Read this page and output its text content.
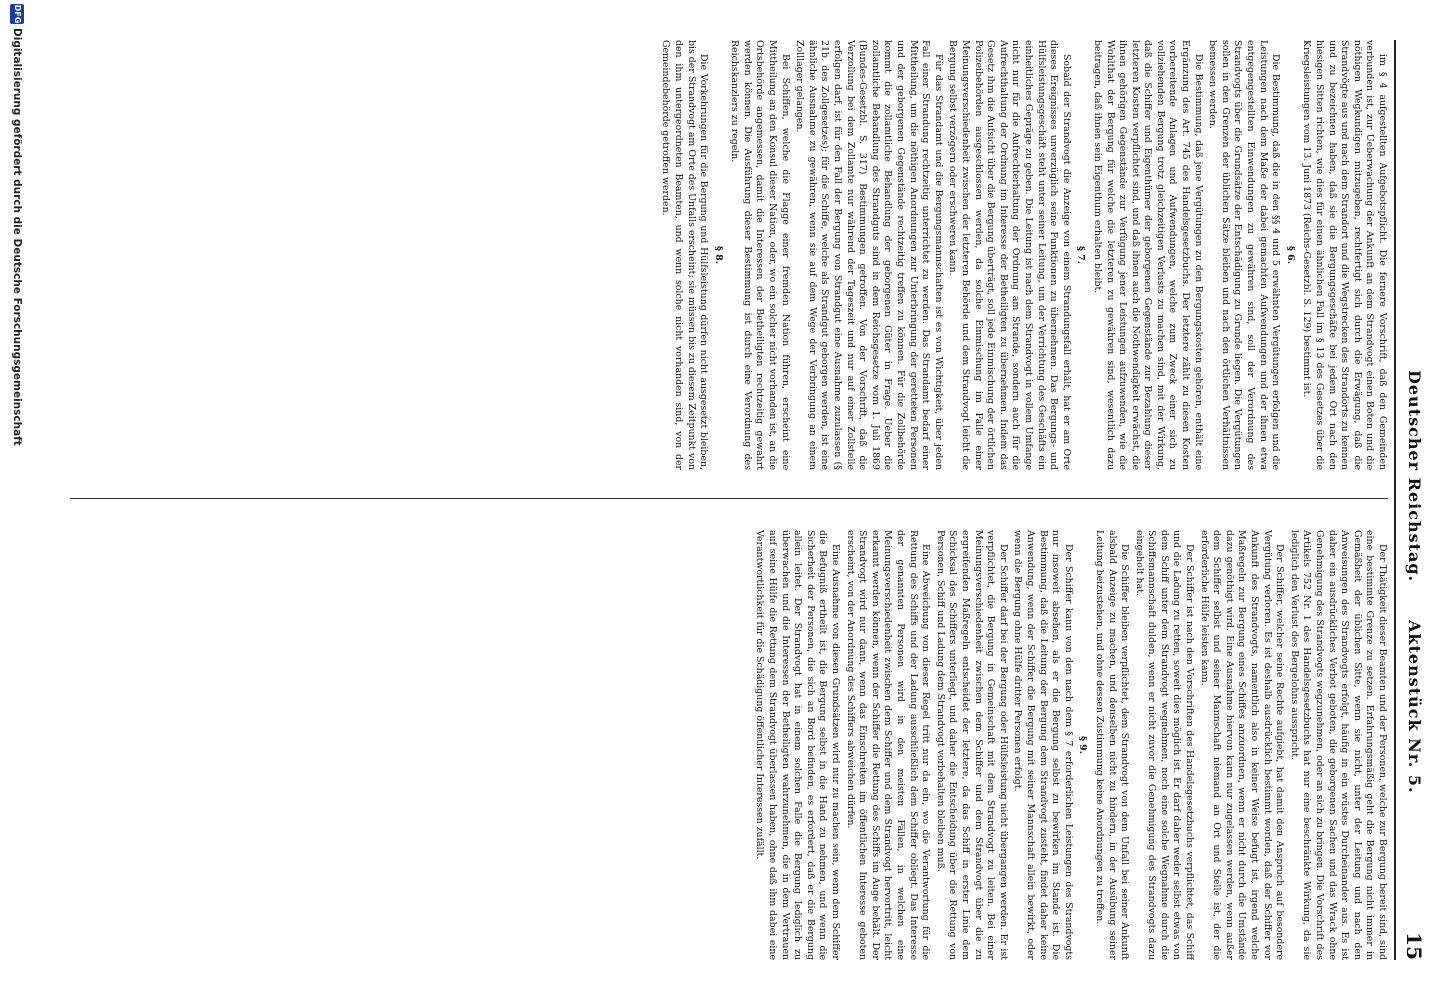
Deutscher Reichstag.
Aktenstück Nr. 5.
15

im § 4 aufgestellten Aufgebotspflicht. Die fernere Vorschrift, daß den Gemeinden verbunden ist, zur Ueberwachung der Ankunft an dem Strandvogt einen Boten und die nöthigen Wegkundigen mitzugeben, rechtfertigt sich durch die Erwägung, daß die Strandvögte aus und nach dem Strandort und die Wegstrecken des Strandorts zu kennen und zu bezeichnen haben, daß sie die Bergungsgeschäfte bei jedem Ort nach den hiesigen Sitten richten, wie dies für einen ähnlichen Fall im § 13 des Gesetzes über die Kriegsleistungen vom 13. Juni 1873 (Reichs-Gesetzbl. S. 129) bestimmt ist.

§ 6.

Die Bestimmung, daß die in den §§ 4 und 5 erwähnten Vergütungen erfolgen und die Leistungen nach dem Maße der dabei gemachten Aufwendungen und der ihnen etwa entgegengestellten Einwendungen zu gewähren sind, soll der Verordnung des Strandvogts über die Grundsätze der Entschädigung zu Grunde liegen. Die Vergütungen sollen in den Grenzen der üblichen Sätze bleiben und nach den örtlichen Verhältnissen bemessen werden.

Die Bestimmung, daß jene Vergütungen zu den Bergungskosten gehören, enthält eine Ergänzung des Art. 745 des Handelsgesetzbuchs. Der letztere zählt zu diesen Kosten vorbereitende Anlagen und Aufwendungen, welche zum Zweck einer sich zu vollziehenden Bergung trotz gleichzeitigen Verlusts zu machen sind, mit der Wirkung, daß die Schiffer und Eigenthümer der geborgenen Gegenstände zur Bezahlung dieser letzteren Kosten verpflichtet sind, und daß ihnen auch die Nothwendigkeit erwächst, die ihnen gehörigen Gegenstände zur Verfügung jener Leistungen aufzuwenden, wie die Wohlthat der Bergung für welche die letzteren zu gewähren sind, wesentlich dazu beitragen, daß ihnen sein Eigenthum erhalten bleibt.

§ 7.

Sobald der Strandvogt die Anzeige von einem Strandungsfall erhält, hat er am Orte dieses Ereignisses unverzüglich seine Funktionen zu übernehmen. Das Bergungs- und Hülfsleistungsgeschäft steht unter seiner Leitung, um der Verrichtung des Geschäfts ein einheitliches Gepräge zu geben. Die Leitung ist nach dem Strandvogt in vollem Umfange nicht nur für die Aufrechterhaltung der Ordnung am Strande, sondern auch für die Aufrechthaltung der Ordnung im Interesse der Betheiligten zu übernehmen. Indem das Gesetz ihm die Aufsicht über die Bergung überträgt, soll jede Einmischung der örtlichen Polizeibehörden ausgeschlossen werden, da solche Einmischung im Falle einer Meinungsverschiedenheit zwischen der letzteren Behörde und dem Strandvogt leicht die Bergung selbst verzögern oder erschweren kann.

Für das Strandamt und die Bergungsmannschaften ist es von Wichtigkeit, über jeden Fall einer Strandung rechtzeitig unterrichtet zu werden. Das Strandamt bedarf einer Mittheilung, um die nöthigen Anordnungen zur Unterbringung der geretteten Personen und der geborgenen Gegenstände rechtzeitig treffen zu können. Für die Zollbehörde kommt die zollamtliche Behandlung der geborgenen Güter in Frage. Ueber die zollamtliche Behandlung des Strandguts sind in dem Reichsgesetze vom 1. Juli 1869 (Bundes-Gesetzbl. S. 317) Bestimmungen getroffen. Von der Vorschrift, daß die Verzollung bei dem Zollamte nur während der Tageszeit und nur auf einer Zollstelle erfolgen darf, ist für den Fall der Bergung von Strandgut eine Ausnahme zuzulassen (§ 21b. des Zollgesetzes); für die Schiffe, welche als Strandgut geborgen werden, ist eine ähnliche Ausnahme zu gewähren, wenn sie auf dem Wege der Verbringung an einem Zolllager gelangen.

Bei Schiffen, welche die Flagge einer fremden Nation führen, erscheint eine Mittheilung an den Konsul dieser Nation, oder, wo ein solcher nicht vorhanden ist, an die Ortsbehörde angemessen, damit die Interessen der Betheiligten rechtzeitig gewahrt werden können. Die Ausführung dieser Bestimmung ist durch eine Verordnung des Reichskanzlers zu regeln.

§ 8.

Die Vorkehrungen für die Bergung und Hülfsleistung dürfen nicht ausgesetzt bleiben, bis der Strandvogt am Orte des Unfalls erscheint; sie müssen bis zu diesem Zeitpunkt von den ihm untergeordneten Beamten, und wenn solche nicht vorhanden sind, von der Gemeindebehörde getroffen werden.

Der Thätigkeit dieser Beamten und der Personen, welche zur Bergung bereit sind, sind eine bestimmte Grenze zu setzen. Erfahrungsmäßig geht die Bergung nicht immer in Gemäßheit der üblichen Sitte, wenn sie nicht, unter der Leitung und nach den Anweisungen des Strandvogts erfolgt, häufig in ein wüstes Durcheinander aus. Es ist daher ein ausdrückliches Verbot geboten, die geborgenen Sachen und das Wrack ohne Genehmigung des Strandvogts wegzunehmen, oder an sich zu bringen. Die Vorschrift des Artikels 752 Nr. 1 des Handelsgesetzbuchs hat nur eine beschränkte Wirkung, da sie lediglich den Verlust des Bergelohns ausspricht.

Der Schiffer, welcher seine Rechte aufgiebt, hat damit den Anspruch auf besondere Vergütung verloren. Es ist deshalb ausdrücklich bestimmt worden, daß der Schiffer vor Ankunft des Strandvogts, namentlich also in keiner Weise befugt ist, irgend welche Maßregeln zur Bergung eines Schiffes anzuordnen, wenn er nicht durch die Umstände dazu genöthigt wird. Eine Ausnahme hiervon kann nur zugelassen werden, wenn außer dem Schiffer selbst und seiner Mannschaft niemand an Ort und Stelle ist, der die erforderliche Hülfe leisten kann.

Der Schiffer ist nach den Vorschriften des Handelsgesetzbuchs verpflichtet, das Schiff und die Ladung zu retten, soweit dies möglich ist. Er darf daher weder selbst etwas von dem Schiff unter dem Strandvogt wegnehmen, noch eine solche Wegnahme durch die Schiffsmannschaft dulden, wenn er nicht zuvor die Genehmigung des Strandvogts dazu eingeholt hat.

Die Schiffer bleiben verpflichtet, dem Strandvogt von dem Unfall bei seiner Ankunft alsbald Anzeige zu machen, und denselben nicht zu hindern, in der Ausübung seiner Leitung beizustehen, und ohne dessen Zustimmung keine Anordnungen zu treffen.

§ 9.

Der Schiffer kann von den nach dem § 7 erforderlichen Leistungen des Strandvogts nur insoweit absehen, als er die Bergung selbst zu bewirken im Stande ist. Die Bestimmung, daß die Leitung der Bergung dem Strandvogt zusteht, findet daher keine Anwendung, wenn der Schiffer die Bergung mit seiner Mannschaft allein bewirkt, oder wenn die Bergung ohne Hülfe dritter Personen erfolgt.

Der Schiffer darf bei der Bergung oder Hülfsleistung nicht übergangen werden. Er ist verpflichtet, die Bergung in Gemeinschaft mit dem Strandvogt zu leiten. Bei einer Meinungsverschiedenheit zwischen dem Schiffer und dem Strandvogt über die zu ergreifenden Maßregeln entscheidet der letztere, da das Schiff in erster Linie dem Schicksal des Schiffers unterliegt, und daher die Entscheidung über die Rettung von Personen, Schiff und Ladung dem Strandvogt vorbehalten bleiben muß.

Eine Abweichung von dieser Regel tritt nur da ein, wo die Verantwortung für die Rettung des Schiffs und der Ladung ausschließlich dem Schiffer obliegt. Das Interesse der genannten Personen wird in den meisten Fällen, in welchen eine Meinungsverschiedenheit zwischen dem Schiffer und dem Strandvogt hervortritt, leicht erkannt werden können, wenn der Schiffer die Rettung des Schiffs im Auge behält. Der Strandvogt wird nur dann, wenn das Einschreiten im öffentlichen Interesse geboten erscheint, von der Anordnung des Schiffers abweichen dürfen.

Eine Ausnahme von diesen Grundsätzen wird nur zu machen sein, wenn dem Schiffer die Befugniß ertheilt ist, die Bergung selbst in die Hand zu nehmen, und wenn die Sicherheit der Personen, die sich an Bord befinden, es erfordert, daß er die Bergung allein leitet. Der Strandvogt hat in einem solchen Falle die Bergung lediglich zu überwachen und die Interessen der Betheiligten wahrzunehmen, die in dem Vertrauen auf seine Hülfe die Rettung dem Strandvogt überlassen haben, ohne daß ihm dabei eine Verantwortlichkeit für die Schädigung öffentlicher Interessen zufällt.

DFG
Digitalisierung gefördert durch die Deutsche Forschungsgemeinschaft
